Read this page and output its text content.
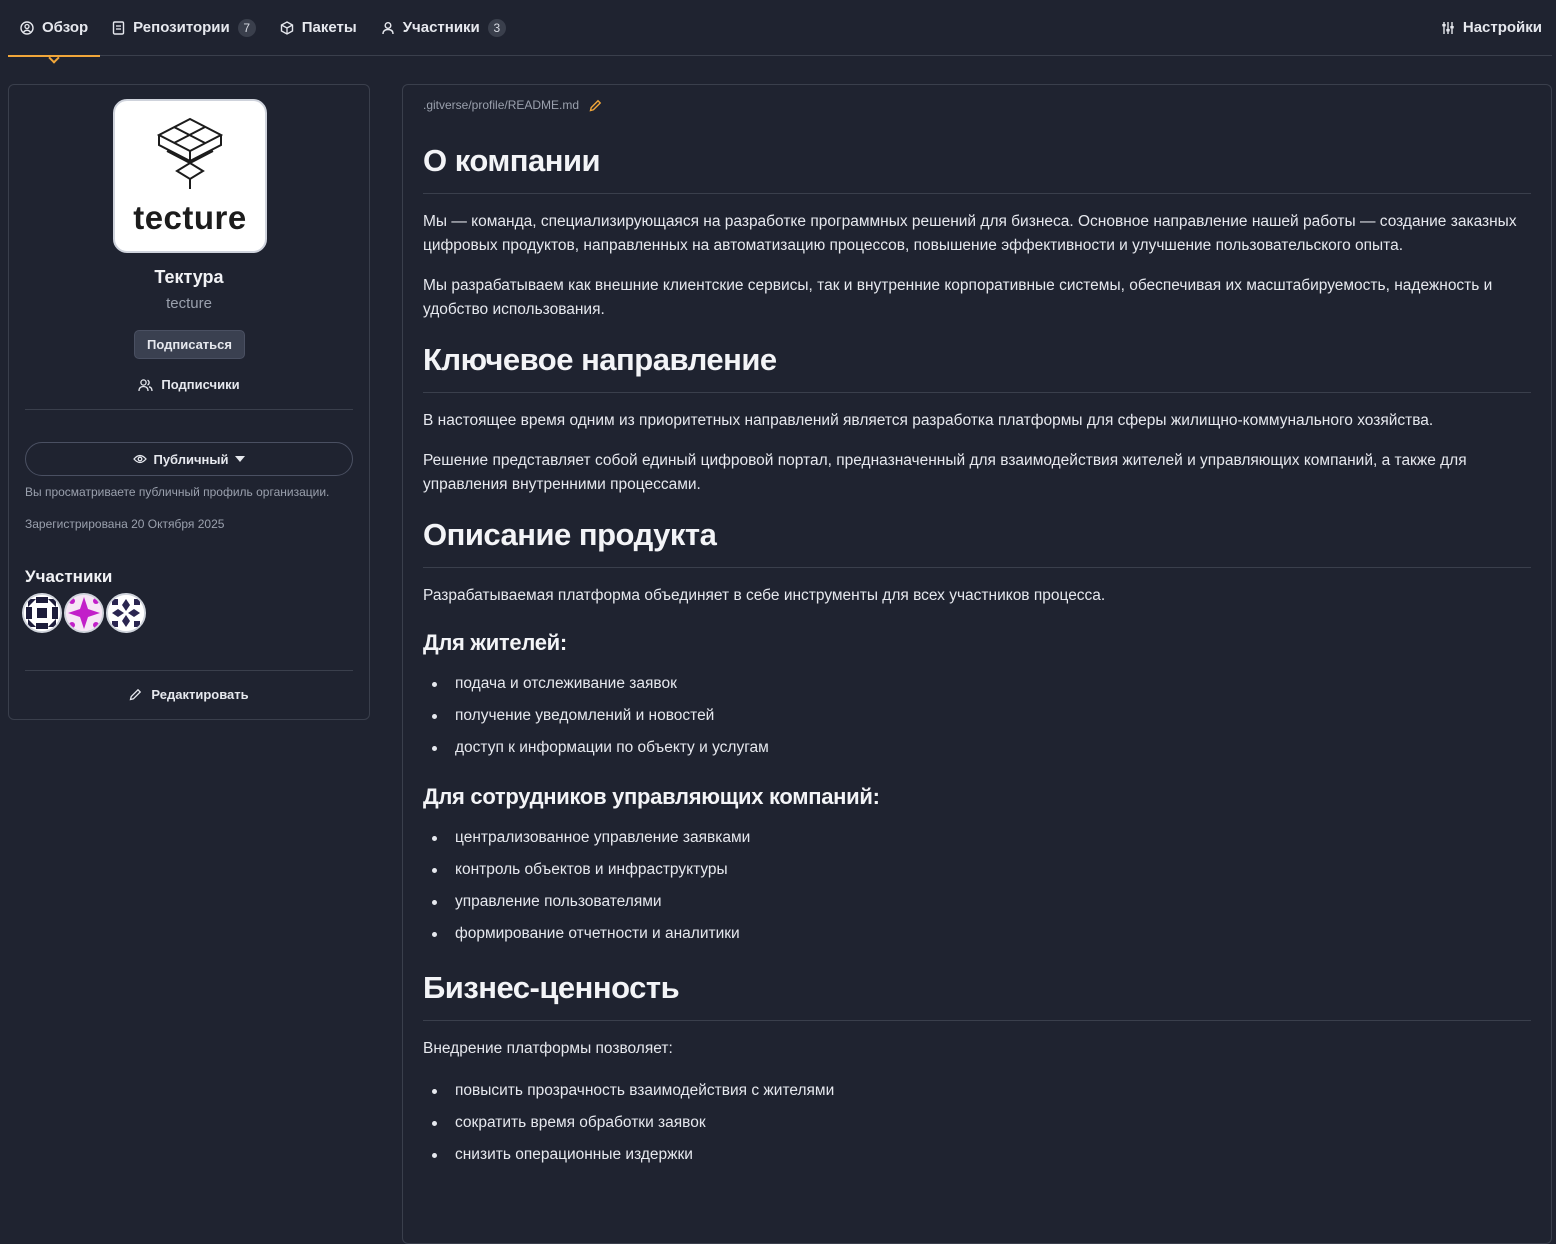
Обзор	Репозитории	7	Пакеты	Участники	3	Настройки
tecture
Тектура
tecture
Подписаться
Подписчики
Публичный
Вы просматриваете публичный профиль организации.
Зарегистрирована 20 Октября 2025
Участники
Редактировать
.gitverse/profile/README.md
О компании

Мы — команда, специализирующаяся на разработке программных решений для бизнеса. Основное направление нашей работы — создание заказных цифровых продуктов, направленных на автоматизацию процессов, повышение эффективности и улучшение пользовательского опыта.

Мы разрабатываем как внешние клиентские сервисы, так и внутренние корпоративные системы, обеспечивая их масштабируемость, надежность и удобство использования.

Ключевое направление

В настоящее время одним из приоритетных направлений является разработка платформы для сферы жилищно-коммунального хозяйства.

Решение представляет собой единый цифровой портал, предназначенный для взаимодействия жителей и управляющих компаний, а также для управления внутренними процессами.

Описание продукта

Разрабатываемая платформа объединяет в себе инструменты для всех участников процесса.

Для жителей:
подача и отслеживание заявок
получение уведомлений и новостей
доступ к информации по объекту и услугам
Для сотрудников управляющих компаний:
централизованное управление заявками
контроль объектов и инфраструктуры
управление пользователями
формирование отчетности и аналитики
Бизнес-ценность

Внедрение платформы позволяет:

повысить прозрачность взаимодействия с жителями
сократить время обработки заявок
снизить операционные издержки
